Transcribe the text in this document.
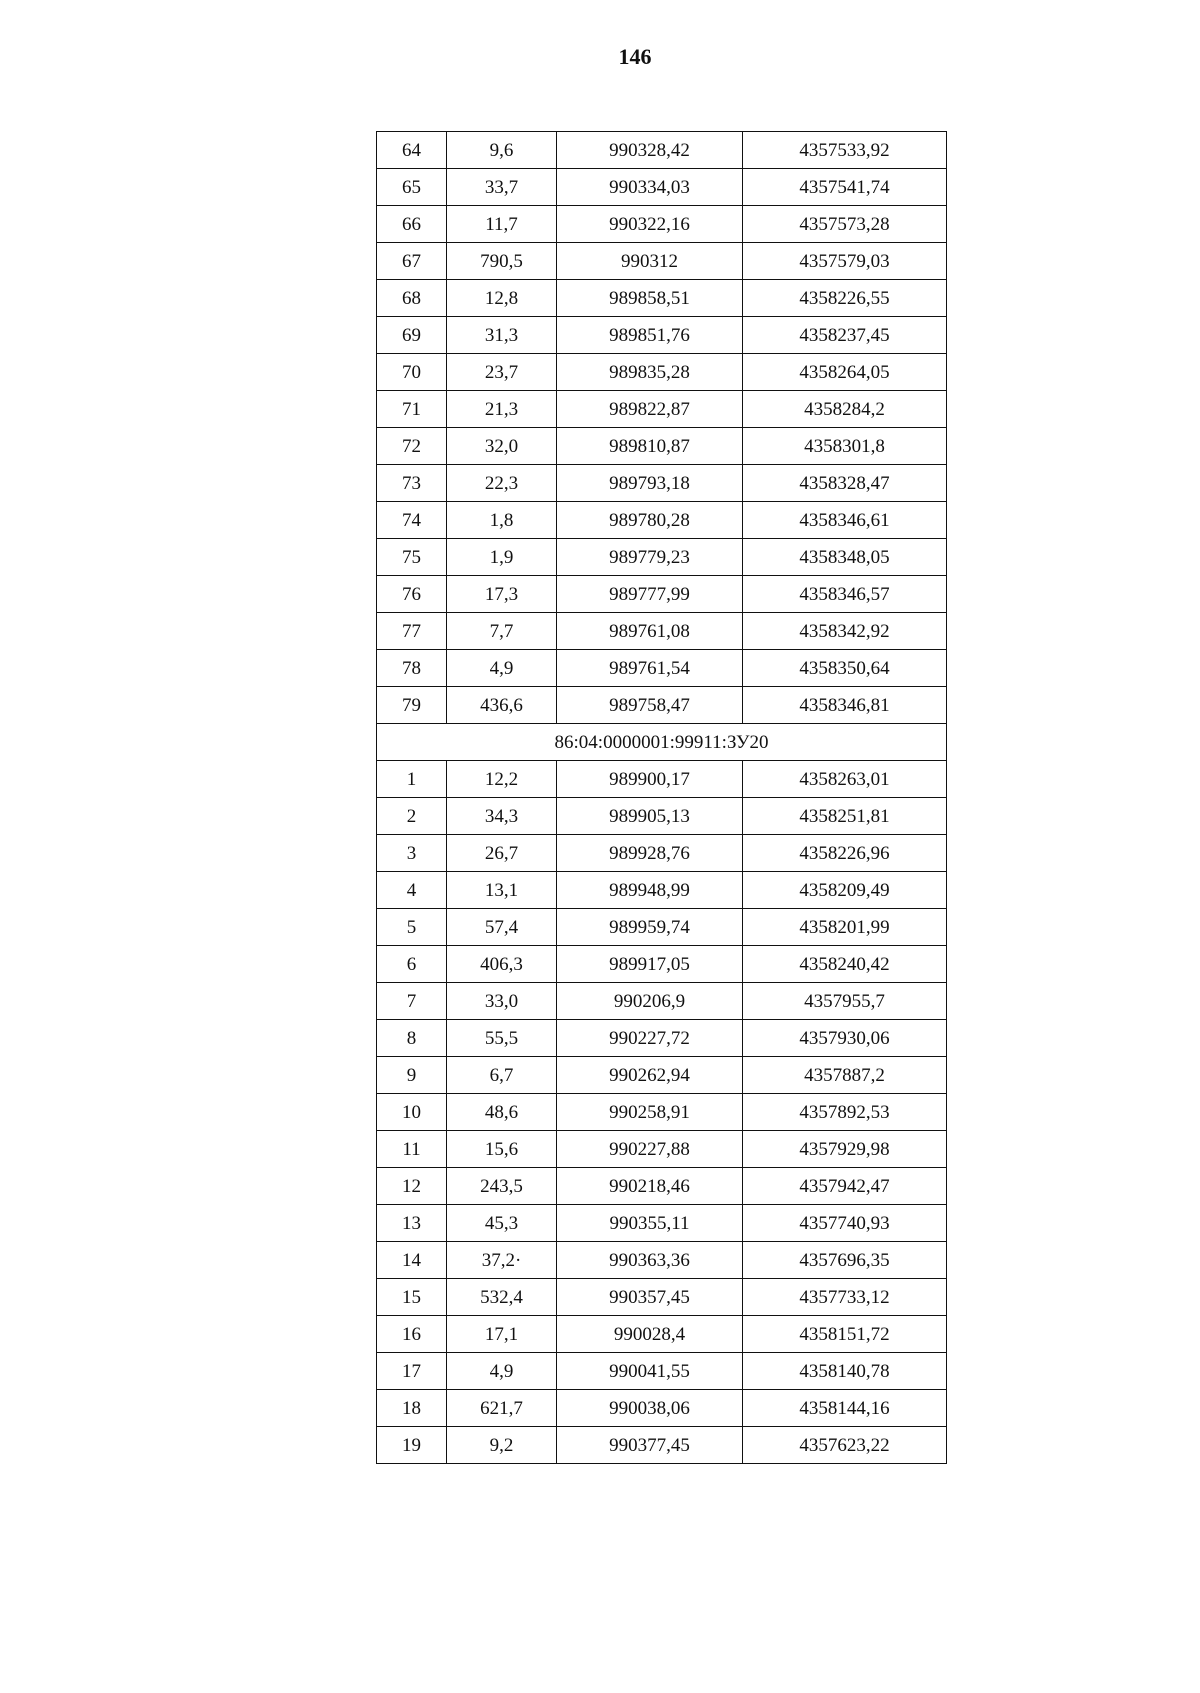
146
64	9,6	990328,42	4357533,92
65	33,7	990334,03	4357541,74
66	11,7	990322,16	4357573,28
67	790,5	990312	4357579,03
68	12,8	989858,51	4358226,55
69	31,3	989851,76	4358237,45
70	23,7	989835,28	4358264,05
71	21,3	989822,87	4358284,2
72	32,0	989810,87	4358301,8
73	22,3	989793,18	4358328,47
74	1,8	989780,28	4358346,61
75	1,9	989779,23	4358348,05
76	17,3	989777,99	4358346,57
77	7,7	989761,08	4358342,92
78	4,9	989761,54	4358350,64
79	436,6	989758,47	4358346,81
86:04:0000001:99911:ЗУ20			
1	12,2	989900,17	4358263,01
2	34,3	989905,13	4358251,81
3	26,7	989928,76	4358226,96
4	13,1	989948,99	4358209,49
5	57,4	989959,74	4358201,99
6	406,3	989917,05	4358240,42
7	33,0	990206,9	4357955,7
8	55,5	990227,72	4357930,06
9	6,7	990262,94	4357887,2
10	48,6	990258,91	4357892,53
11	15,6	990227,88	4357929,98
12	243,5	990218,46	4357942,47
13	45,3	990355,11	4357740,93
14	37,2·	990363,36	4357696,35
15	532,4	990357,45	4357733,12
16	17,1	990028,4	4358151,72
17	4,9	990041,55	4358140,78
18	621,7	990038,06	4358144,16
19	9,2	990377,45	4357623,22
